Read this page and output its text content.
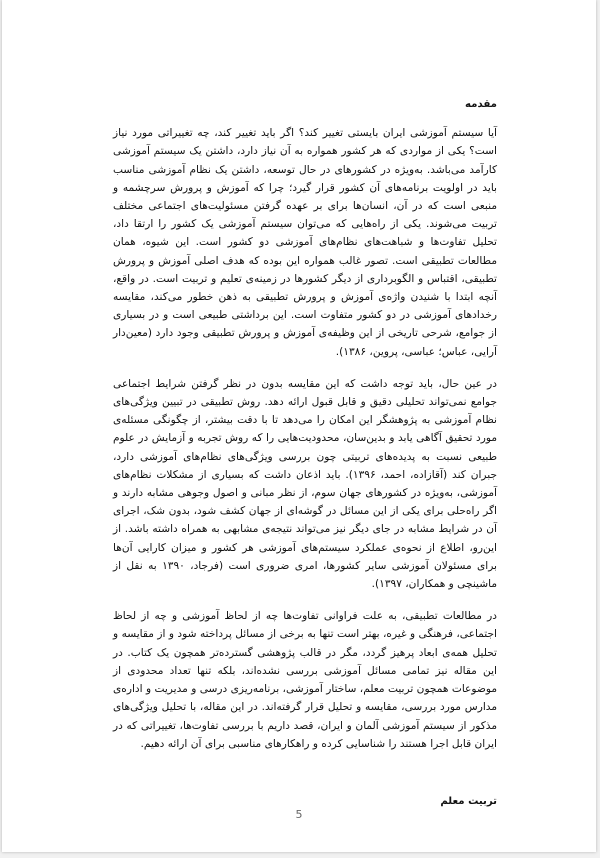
مقدمه

آیا سیستم آموزشی ایران بایستی تغییر کند؟ اگر باید تغییر کند، چه تغییراتی مورد نیاز است؟ یکی از مواردی که هر کشور همواره به آن نیاز دارد، داشتن یک سیستم آموزشی کارآمد می‌باشد. به‌ویژه در کشورهای در حال توسعه، داشتن یک نظام آموزشی مناسب باید در اولویت برنامه‌های آن کشور قرار گیرد؛ چرا که آموزش و پرورش سرچشمه و منبعی است که در آن، انسان‌ها برای بر عهده گرفتن مسئولیت‌های اجتماعی مختلف تربیت می‌شوند. یکی از راه‌هایی که می‌توان سیستم آموزشی یک کشور را ارتقا داد، تحلیل تفاوت‌ها و شباهت‌های نظام‌های آموزشی دو کشور است. این شیوه، همان مطالعات تطبیقی است. تصور غالب همواره این بوده که هدف اصلی آموزش و پرورش تطبیقی، اقتباس و الگوبرداری از دیگر کشورها در زمینه‌ی تعلیم و تربیت است. در واقع، آنچه ابتدا با شنیدن واژه‌ی آموزش و پرورش تطبیقی به ذهن خطور می‌کند، مقایسه رخدادهای آموزشی در دو کشور متفاوت است. این برداشتی طبیعی است و در بسیاری از جوامع، شرحی تاریخی از این وظیفه‌ی آموزش و پرورش تطبیقی وجود دارد (معین‌دار آرایی، عباس؛ عباسی، پروین، ۱۳۸۶).

در عین حال، باید توجه داشت که این مقایسه بدون در نظر گرفتن شرایط اجتماعی جوامع نمی‌تواند تحلیلی دقیق و قابل قبول ارائه دهد. روش تطبیقی در تبیین ویژگی‌های نظام آموزشی به پژوهشگر این امکان را می‌دهد تا با دقت بیشتر، از چگونگی مسئله‌ی مورد تحقیق آگاهی یابد و بدین‌سان، محدودیت‌هایی را که روش تجربه و آزمایش در علوم طبیعی نسبت به پدیده‌های تربیتی چون بررسی ویژگی‌های نظام‌های آموزشی دارد، جبران کند (آقازاده، احمد، ۱۳۹۶). باید اذعان داشت که بسیاری از مشکلات نظام‌های آموزشی، به‌ویژه در کشورهای جهان سوم، از نظر مبانی و اصول وجوهی مشابه دارند و اگر راه‌حلی برای یکی از این مسائل در گوشه‌ای از جهان کشف شود، بدون شک، اجرای آن در شرایط مشابه در جای دیگر نیز می‌تواند نتیجه‌ی مشابهی به همراه داشته باشد. از این‌رو، اطلاع از نحوه‌ی عملکرد سیستم‌های آموزشی هر کشور و میزان کارایی آن‌ها برای مسئولان آموزشی سایر کشورها، امری ضروری است (فرجاد، ۱۳۹۰ به نقل از ماشینچی و همکاران، ۱۳۹۷).

در مطالعات تطبیقی، به علت فراوانی تفاوت‌ها چه از لحاظ آموزشی و چه از لحاظ اجتماعی، فرهنگی و غیره، بهتر است تنها به برخی از مسائل پرداخته شود و از مقایسه و تحلیل همه‌ی ابعاد پرهیز گردد، مگر در قالب پژوهشی گسترده‌تر همچون یک کتاب. در این مقاله نیز تمامی مسائل آموزشی بررسی نشده‌اند، بلکه تنها تعداد محدودی از موضوعات همچون تربیت معلم، ساختار آموزشی، برنامه‌ریزی درسی و مدیریت و اداره‌ی مدارس مورد بررسی، مقایسه و تحلیل قرار گرفته‌اند. در این مقاله، با تحلیل ویژگی‌های مذکور از سیستم آموزشی آلمان و ایران، قصد داریم با بررسی تفاوت‌ها، تغییراتی که در ایران قابل اجرا هستند را شناسایی کرده و راهکارهای مناسبی برای آن ارائه دهیم.

تربیت معلم
5
